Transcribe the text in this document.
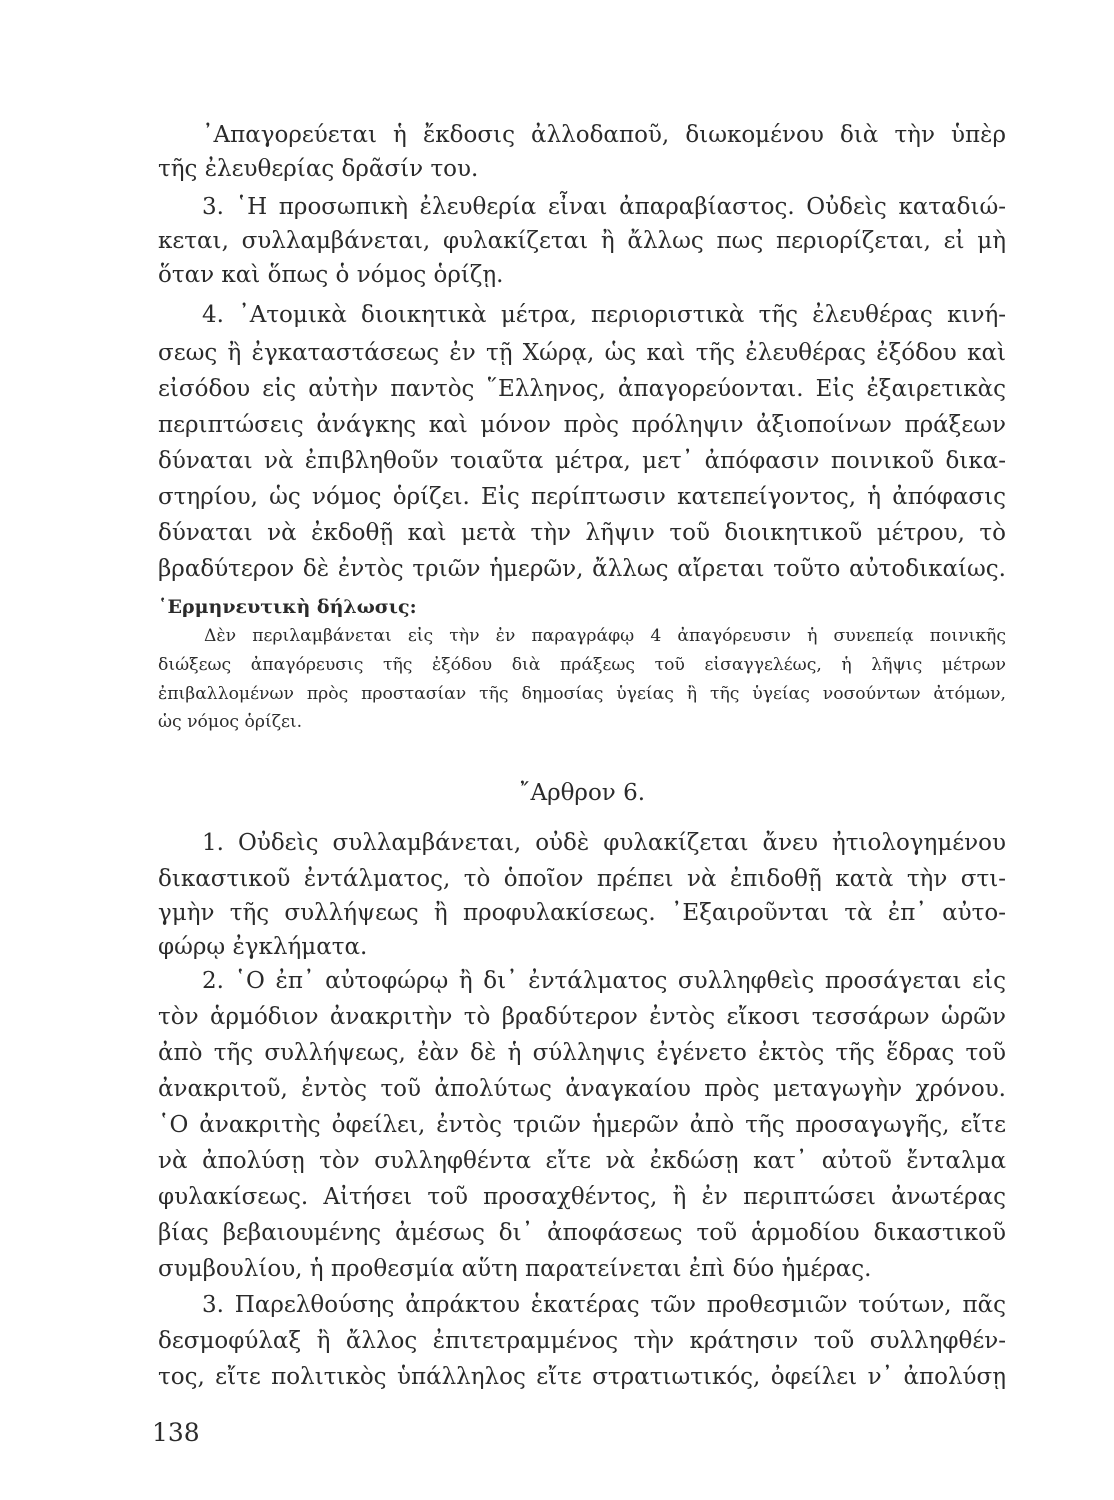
᾿Απαγορεύεται ἡ ἔκδοσις ἀλλοδαποῦ, διωκομένου διὰ τὴν ὑπὲρ
τῆς ἐλευθερίας δρᾶσίν του.
3. ῾Η προσωπικὴ ἐλευθερία εἶναι ἀπαραβίαστος. Οὐδεὶς καταδιώ-
κεται, συλλαμβάνεται, φυλακίζεται ἢ ἄλλως πως περιορίζεται, εἰ μὴ
ὅταν καὶ ὅπως ὁ νόμος ὁρίζῃ.
4. ᾿Ατομικὰ διοικητικὰ μέτρα, περιοριστικὰ τῆς ἐλευθέρας κινή-
σεως ἢ ἐγκαταστάσεως ἐν τῇ Χώρᾳ, ὡς καὶ τῆς ἐλευθέρας ἐξόδου καὶ
εἰσόδου εἰς αὐτὴν παντὸς ῞Ελληνος, ἀπαγορεύονται. Εἰς ἐξαιρετικὰς
περιπτώσεις ἀνάγκης καὶ μόνον πρὸς πρόληψιν ἀξιοποίνων πράξεων
δύναται νὰ ἐπιβληθοῦν τοιαῦτα μέτρα, μετ᾿ ἀπόφασιν ποινικοῦ δικα-
στηρίου, ὡς νόμος ὁρίζει. Εἰς περίπτωσιν κατεπείγοντος, ἡ ἀπόφασις
δύναται νὰ ἐκδοθῇ καὶ μετὰ τὴν λῆψιν τοῦ διοικητικοῦ μέτρου, τὸ
βραδύτερον δὲ ἐντὸς τριῶν ἡμερῶν, ἄλλως αἴρεται τοῦτο αὐτοδικαίως.
῾Ερμηνευτικὴ δήλωσις:
Δὲν περιλαμβάνεται εἰς τὴν ἐν παραγράφῳ 4 ἀπαγόρευσιν ἡ συνεπείᾳ ποινικῆς
διώξεως ἀπαγόρευσις τῆς ἐξόδου διὰ πράξεως τοῦ εἰσαγγελέως, ἡ λῆψις μέτρων
ἐπιβαλλομένων πρὸς προστασίαν τῆς δημοσίας ὑγείας ἢ τῆς ὑγείας νοσούντων ἀτόμων,
ὡς νόμος ὁρίζει.
῎Αρθρον 6.
1. Οὐδεὶς συλλαμβάνεται, οὐδὲ φυλακίζεται ἄνευ ἠτιολογημένου
δικαστικοῦ ἐντάλματος, τὸ ὁποῖον πρέπει νὰ ἐπιδοθῇ κατὰ τὴν στι-
γμὴν τῆς συλλήψεως ἢ προφυλακίσεως. ᾿Εξαιροῦνται τὰ ἐπ᾿ αὐτο-
φώρῳ ἐγκλήματα.
2. ῾Ο ἐπ᾿ αὐτοφώρῳ ἢ δι᾿ ἐντάλματος συλληφθεὶς προσάγεται εἰς
τὸν ἁρμόδιον ἀνακριτὴν τὸ βραδύτερον ἐντὸς εἴκοσι τεσσάρων ὡρῶν
ἀπὸ τῆς συλλήψεως, ἐὰν δὲ ἡ σύλληψις ἐγένετο ἐκτὸς τῆς ἕδρας τοῦ
ἀνακριτοῦ, ἐντὸς τοῦ ἀπολύτως ἀναγκαίου πρὸς μεταγωγὴν χρόνου.
῾Ο ἀνακριτὴς ὀφείλει, ἐντὸς τριῶν ἡμερῶν ἀπὸ τῆς προσαγωγῆς, εἴτε
νὰ ἀπολύσῃ τὸν συλληφθέντα εἴτε νὰ ἐκδώσῃ κατ᾿ αὐτοῦ ἔνταλμα
φυλακίσεως. Αἰτήσει τοῦ προσαχθέντος, ἢ ἐν περιπτώσει ἀνωτέρας
βίας βεβαιουμένης ἀμέσως δι᾿ ἀποφάσεως τοῦ ἁρμοδίου δικαστικοῦ
συμβουλίου, ἡ προθεσμία αὕτη παρατείνεται ἐπὶ δύο ἡμέρας.
3. Παρελθούσης ἀπράκτου ἑκατέρας τῶν προθεσμιῶν τούτων, πᾶς
δεσμοφύλαξ ἢ ἄλλος ἐπιτετραμμένος τὴν κράτησιν τοῦ συλληφθέν-
τος, εἴτε πολιτικὸς ὑπάλληλος εἴτε στρατιωτικός, ὀφείλει ν᾿ ἀπολύσῃ
138
